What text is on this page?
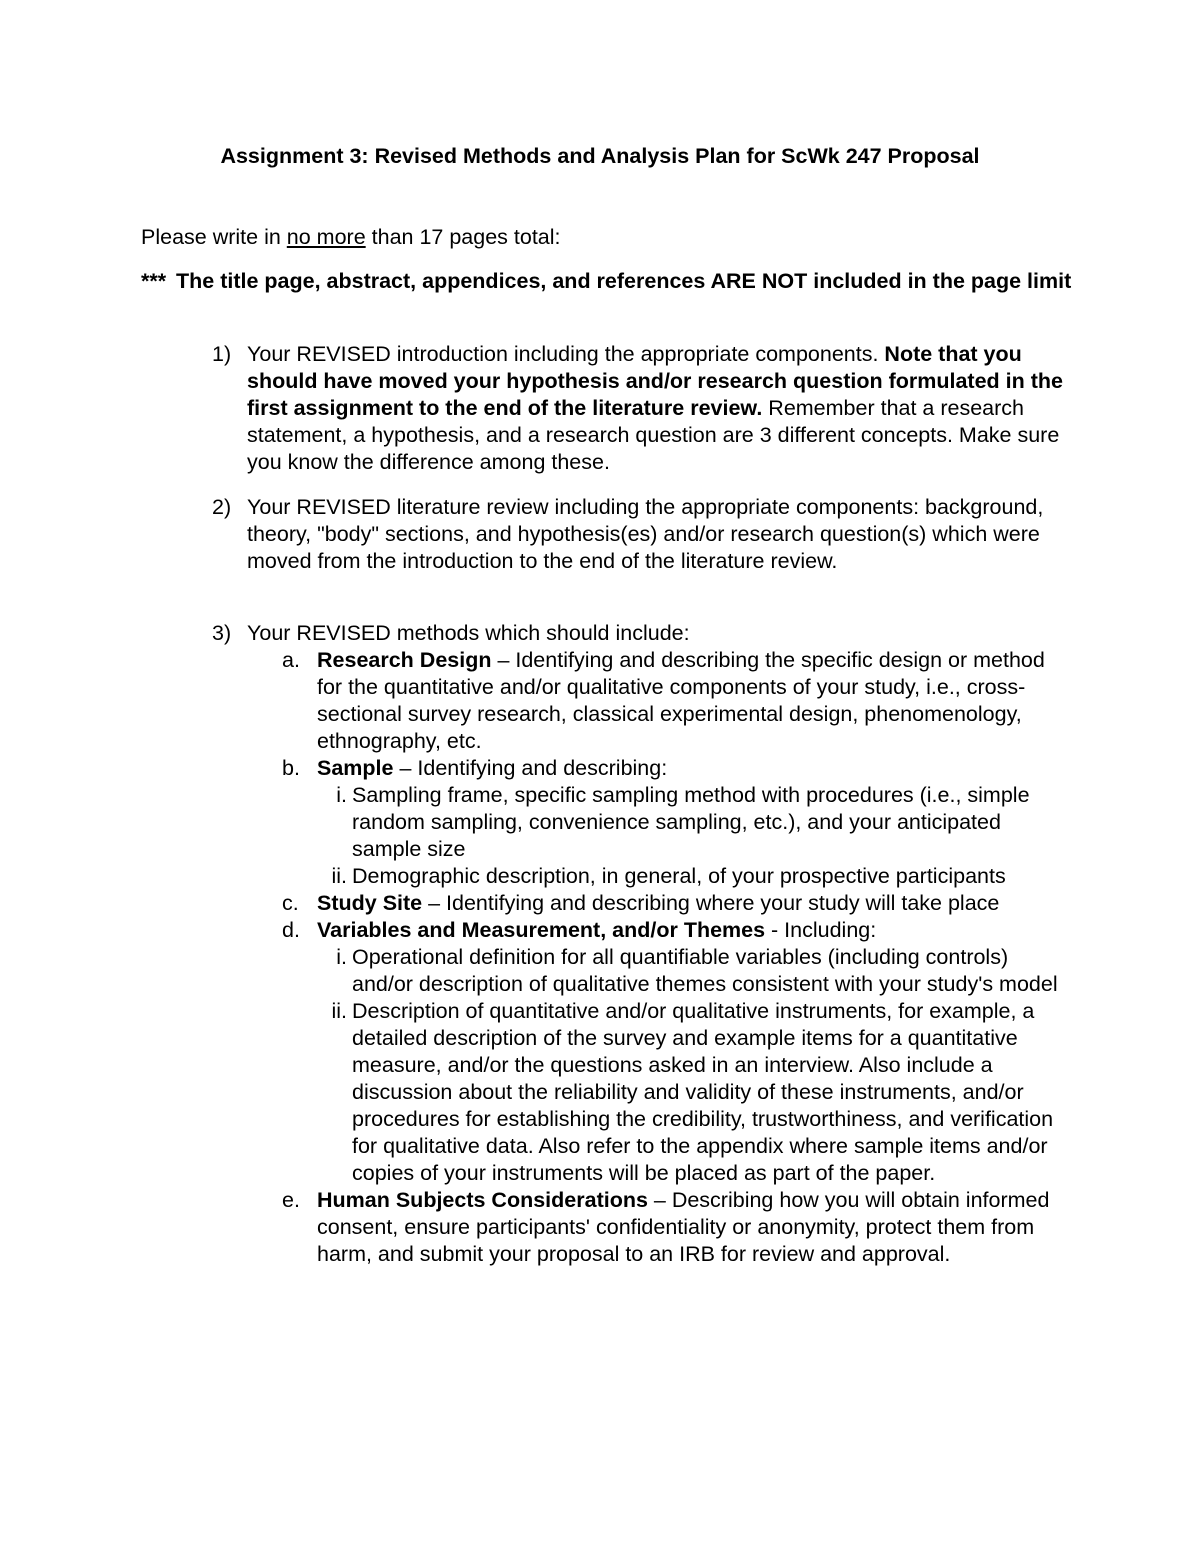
Assignment 3: Revised Methods and Analysis Plan for ScWk 247 Proposal
Please write in no more than 17 pages total:
*** The title page, abstract, appendices, and references ARE NOT included in the page limit
1) Your REVISED introduction including the appropriate components. Note that you should have moved your hypothesis and/or research question formulated in the first assignment to the end of the literature review. Remember that a research statement, a hypothesis, and a research question are 3 different concepts. Make sure you know the difference among these.
2) Your REVISED literature review including the appropriate components: background, theory, "body" sections, and hypothesis(es) and/or research question(s) which were moved from the introduction to the end of the literature review.
3) Your REVISED methods which should include:
a. Research Design – Identifying and describing the specific design or method for the quantitative and/or qualitative components of your study, i.e., cross-sectional survey research, classical experimental design, phenomenology, ethnography, etc.
b. Sample – Identifying and describing:
i. Sampling frame, specific sampling method with procedures (i.e., simple random sampling, convenience sampling, etc.), and your anticipated sample size
ii. Demographic description, in general, of your prospective participants
c. Study Site – Identifying and describing where your study will take place
d. Variables and Measurement, and/or Themes - Including:
i. Operational definition for all quantifiable variables (including controls) and/or description of qualitative themes consistent with your study's model
ii. Description of quantitative and/or qualitative instruments, for example, a detailed description of the survey and example items for a quantitative measure, and/or the questions asked in an interview. Also include a discussion about the reliability and validity of these instruments, and/or procedures for establishing the credibility, trustworthiness, and verification for qualitative data. Also refer to the appendix where sample items and/or copies of your instruments will be placed as part of the paper.
e. Human Subjects Considerations – Describing how you will obtain informed consent, ensure participants' confidentiality or anonymity, protect them from harm, and submit your proposal to an IRB for review and approval.
